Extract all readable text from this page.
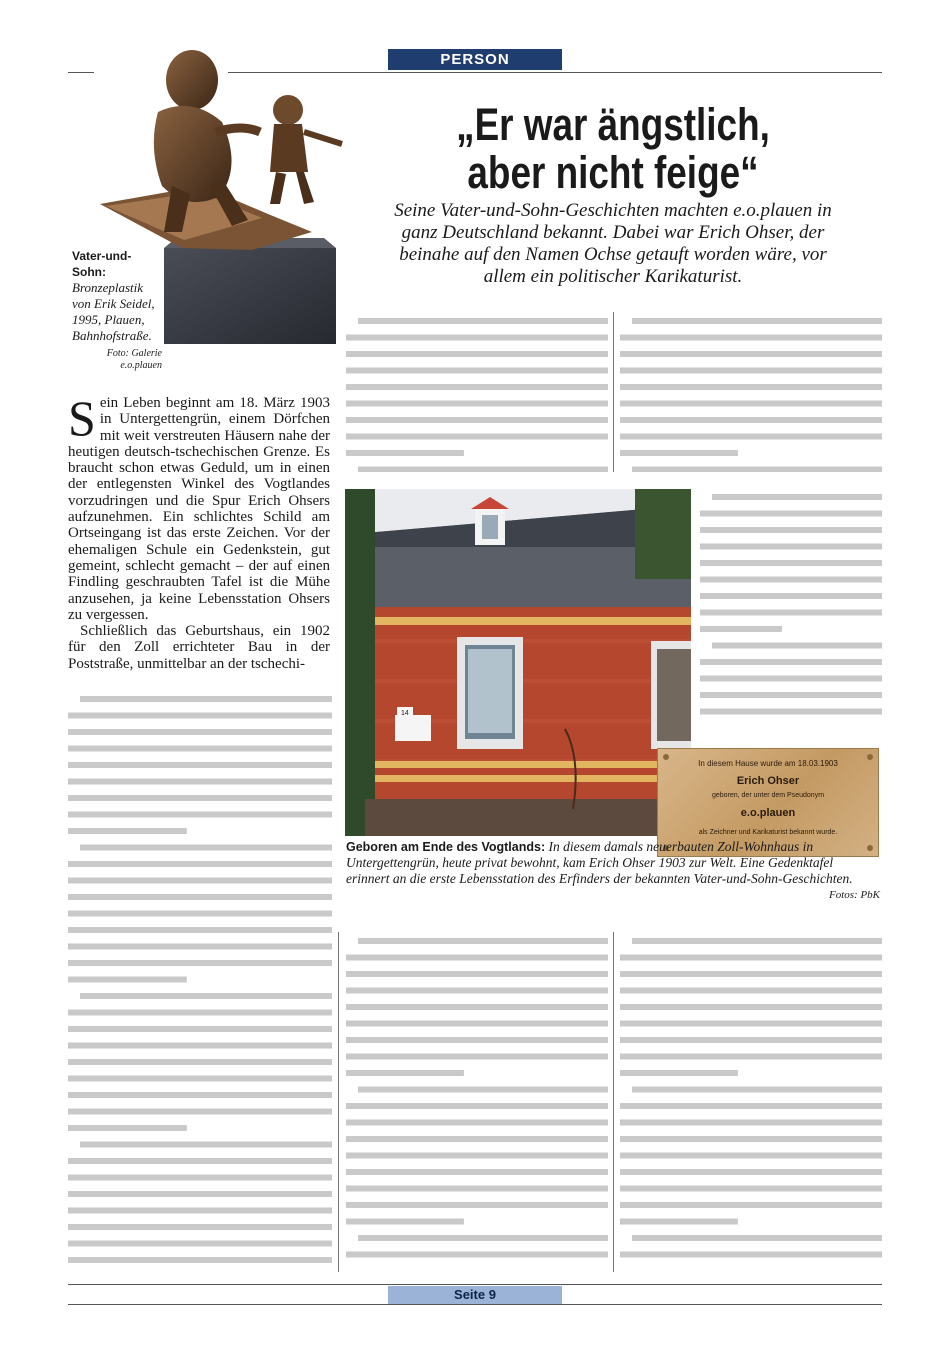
PERSON
Vater-und-Sohn:
Bronzeplastik von Erik Seidel, 1995, Plauen, Bahnhofstraße.
Foto: Galerie e.o.plauen
„Er war ängstlich,
aber nicht feige“
Seine Vater-und-Sohn-Geschichten machten e.o.plauen in ganz Deutschland bekannt. Dabei war Erich Ohser, der beinahe auf den Namen Ochse getauft worden wäre, vor allem ein politischer Karikaturist.
S ein Leben beginnt am 18. März 1903 in Untergettengrün, einem Dörfchen mit weit verstreuten Häusern nahe der heutigen deutsch-tschechischen Grenze. Es braucht schon etwas Geduld, um in einen der entlegensten Winkel des Vogtlandes vorzudringen und die Spur Erich Ohsers aufzunehmen. Ein schlichtes Schild am Ortseingang ist das erste Zeichen. Vor der ehemaligen Schule ein Gedenkstein, gut gemeint, schlecht gemacht – der auf einen Findling geschraubten Tafel ist die Mühe anzusehen, ja keine Lebensstation Ohsers zu vergessen.

Schließlich das Geburtshaus, ein 1902 für den Zoll errichteter Bau in der Poststraße, unmittelbar an der tschechi-

14
In diesem Hause wurde am 18.03.1903
Erich Ohser
geboren, der unter dem Pseudonym
e.o.plauen
als Zeichner und Karikaturist bekannt wurde.
Geboren am Ende des Vogtlands: In diesem damals neuerbauten Zoll-Wohnhaus in Untergettengrün, heute privat bewohnt, kam Erich Ohser 1903 zur Welt. Eine Gedenktafel erinnert an die erste Lebensstation des Erfinders der bekannten Vater-und-Sohn-Geschichten.
Fotos: PbK
Seite 9
